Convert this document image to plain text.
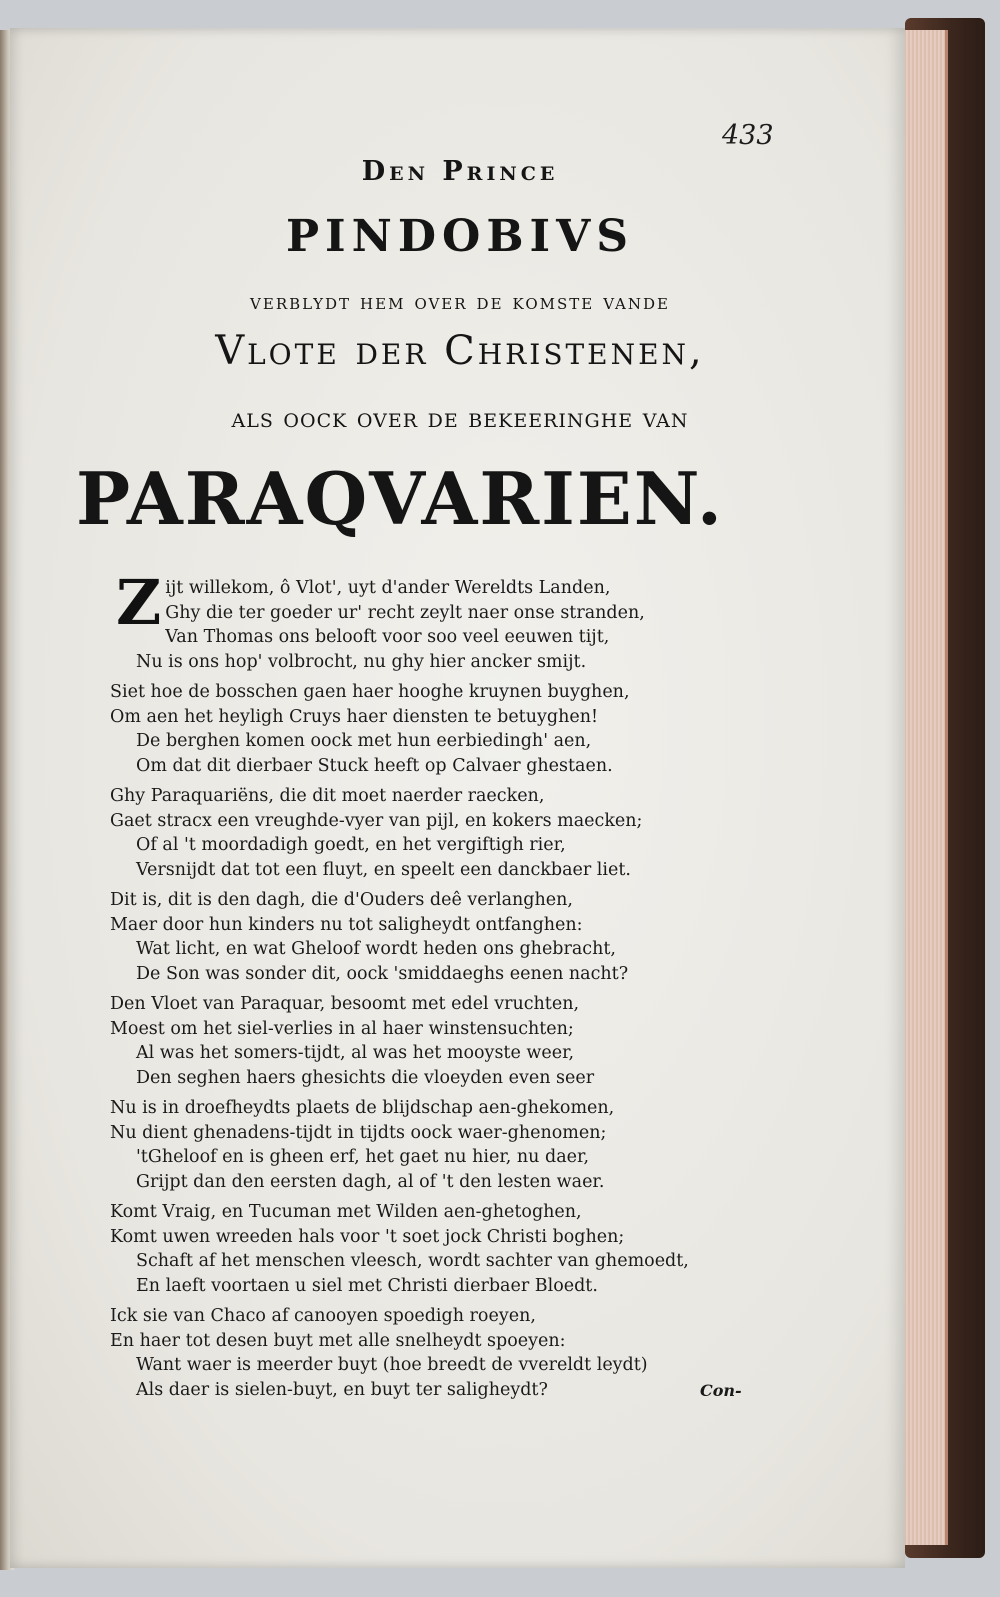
433
Den Prince
PINDOBIVS
verblydt hem over de komste vande
Vlote der Christenen,
als oock over de bekeeringhe van
PARAQVARIEN.
Z ijt willekom, ô Vlot', uyt d'ander Wereldts Landen,
Ghy die ter goeder ur' recht zeylt naer onse stranden,
Van Thomas ons belooft voor soo veel eeuwen tijt,
Nu is ons hop' volbrocht, nu ghy hier ancker smijt.
Siet hoe de bosschen gaen haer hooghe kruynen buyghen,
Om aen het heyligh Cruys haer diensten te betuyghen!
De berghen komen oock met hun eerbiedingh' aen,
Om dat dit dierbaer Stuck heeft op Calvaer ghestaen.
Ghy Paraquariëns, die dit moet naerder raecken,
Gaet stracx een vreughde-vyer van pijl, en kokers maecken;
Of al 't moordadigh goedt, en het vergiftigh rier,
Versnijdt dat tot een fluyt, en speelt een danckbaer liet.
Dit is, dit is den dagh, die d'Ouders deê verlanghen,
Maer door hun kinders nu tot saligheydt ontfanghen:
Wat licht, en wat Gheloof wordt heden ons ghebracht,
De Son was sonder dit, oock 'smiddaeghs eenen nacht?
Den Vloet van Paraquar, besoomt met edel vruchten,
Moest om het siel-verlies in al haer winstensuchten;
Al was het somers-tijdt, al was het mooyste weer,
Den seghen haers ghesichts die vloeyden even seer
Nu is in droefheydts plaets de blijdschap aen-ghekomen,
Nu dient ghenadens-tijdt in tijdts oock waer-ghenomen;
'tGheloof en is gheen erf, het gaet nu hier, nu daer,
Grijpt dan den eersten dagh, al of 't den lesten waer.
Komt Vraig, en Tucuman met Wilden aen-ghetoghen,
Komt uwen wreeden hals voor 't soet jock Christi boghen;
Schaft af het menschen vleesch, wordt sachter van ghemoedt,
En laeft voortaen u siel met Christi dierbaer Bloedt.
Ick sie van Chaco af canooyen spoedigh roeyen,
En haer tot desen buyt met alle snelheydt spoeyen:
Want waer is meerder buyt (hoe breedt de vvereldt leydt)
Als daer is sielen-buyt, en buyt ter saligheydt?	Con-
